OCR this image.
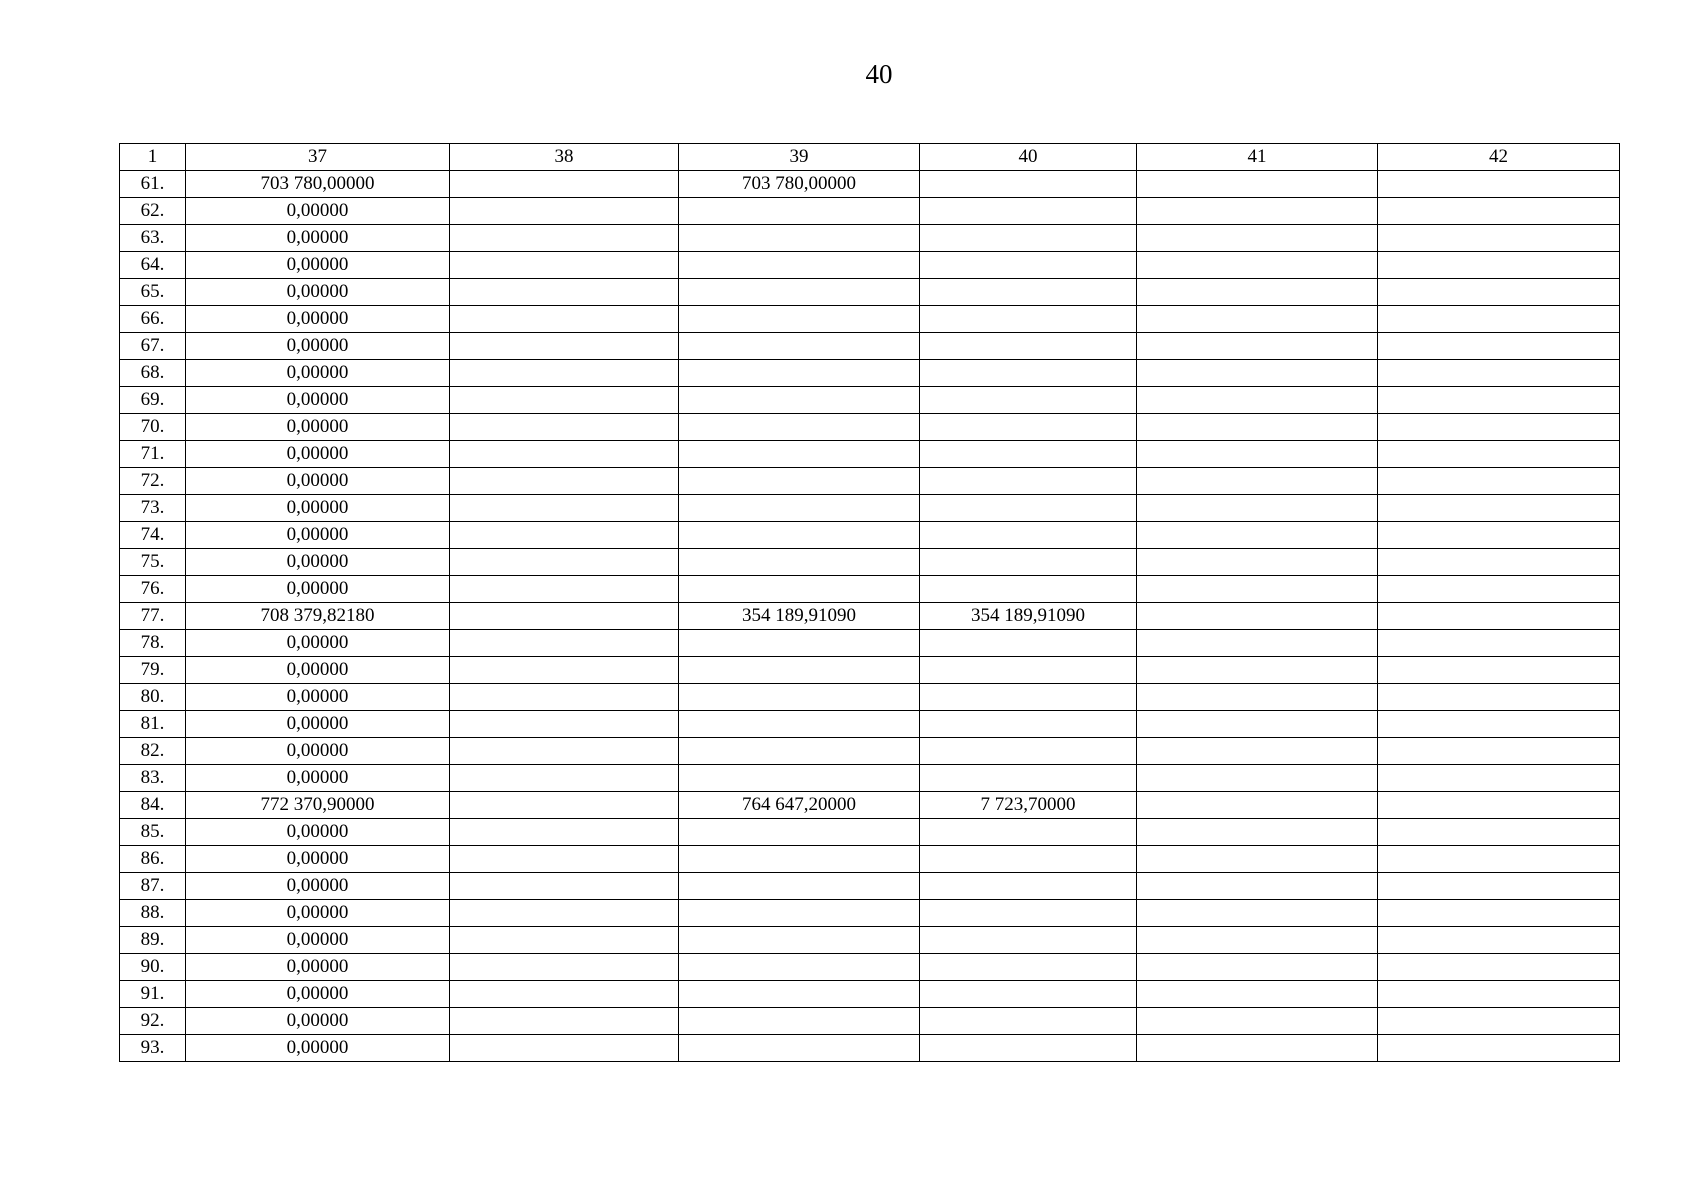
40
1	37	38	39	40	41	42
61.	703 780,00000		703 780,00000			
62.	0,00000					
63.	0,00000					
64.	0,00000					
65.	0,00000					
66.	0,00000					
67.	0,00000					
68.	0,00000					
69.	0,00000					
70.	0,00000					
71.	0,00000					
72.	0,00000					
73.	0,00000					
74.	0,00000					
75.	0,00000					
76.	0,00000					
77.	708 379,82180		354 189,91090	354 189,91090		
78.	0,00000					
79.	0,00000					
80.	0,00000					
81.	0,00000					
82.	0,00000					
83.	0,00000					
84.	772 370,90000		764 647,20000	7 723,70000		
85.	0,00000					
86.	0,00000					
87.	0,00000					
88.	0,00000					
89.	0,00000					
90.	0,00000					
91.	0,00000					
92.	0,00000					
93.	0,00000					
